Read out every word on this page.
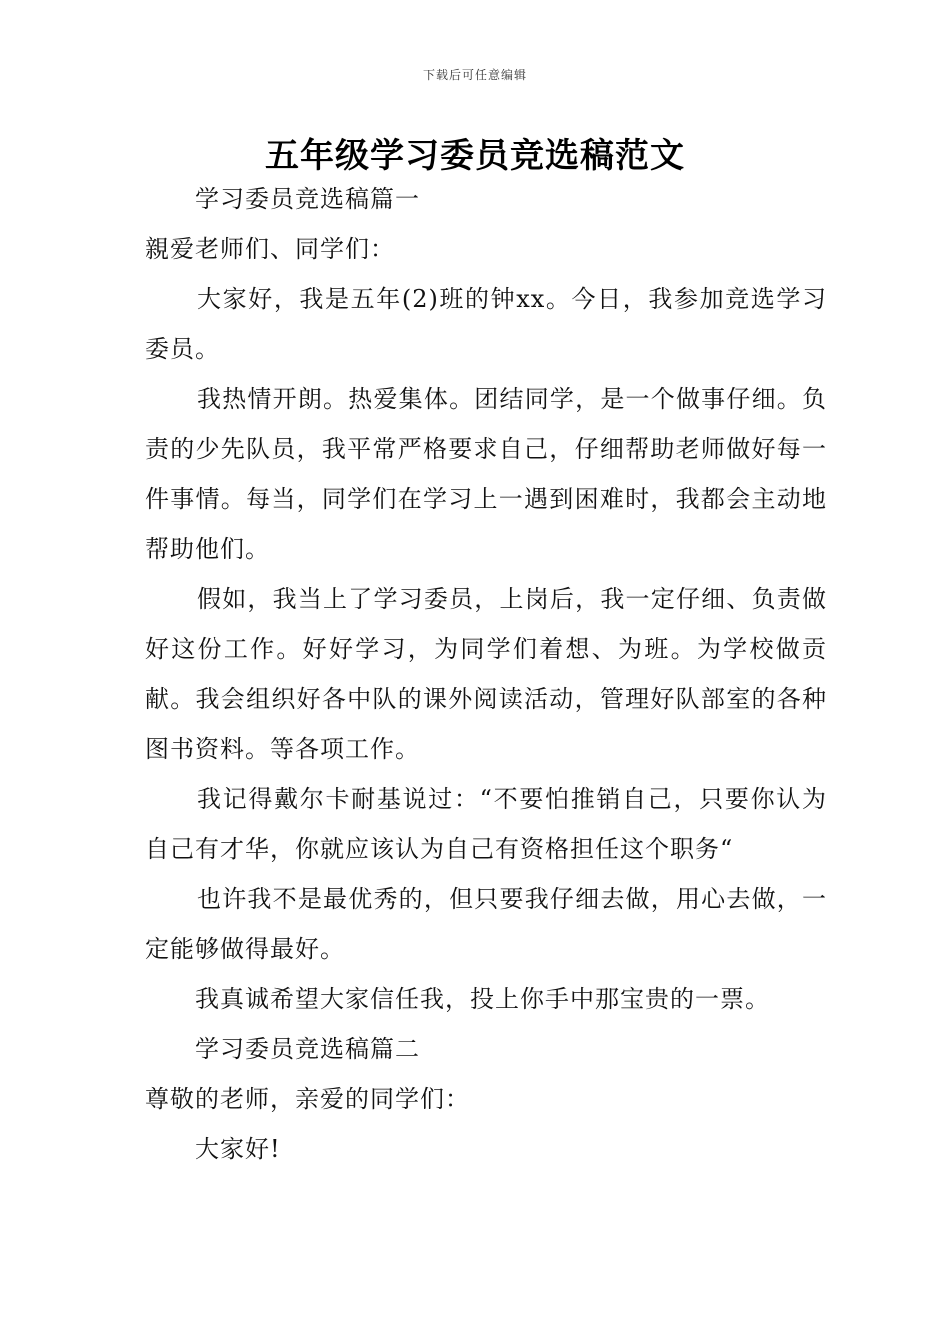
下载后可任意编辑
五年级学习委员竞选稿范文

学习委员竞选稿篇一

親爱老师们、同学们：

大家好，我是五年(2)班的钟xx。今日，我参加竞选学习委员。

我热情开朗。热爱集体。团结同学，是一个做事仔细。负责的少先队员，我平常严格要求自己，仔细帮助老师做好每一件事情。每当，同学们在学习上一遇到困难时，我都会主动地帮助他们。

假如，我当上了学习委员，上岗后，我一定仔细、负责做好这份工作。好好学习，为同学们着想、为班。为学校做贡献。我会组织好各中队的课外阅读活动，管理好队部室的各种图书资料。等各项工作。

我记得戴尔卡耐基说过：“不要怕推销自己，只要你认为自己有才华，你就应该认为自己有资格担任这个职务“

也许我不是最优秀的，但只要我仔细去做，用心去做，一定能够做得最好。

我真诚希望大家信任我，投上你手中那宝贵的一票。

学习委员竞选稿篇二

尊敬的老师，亲爱的同学们：

大家好!
